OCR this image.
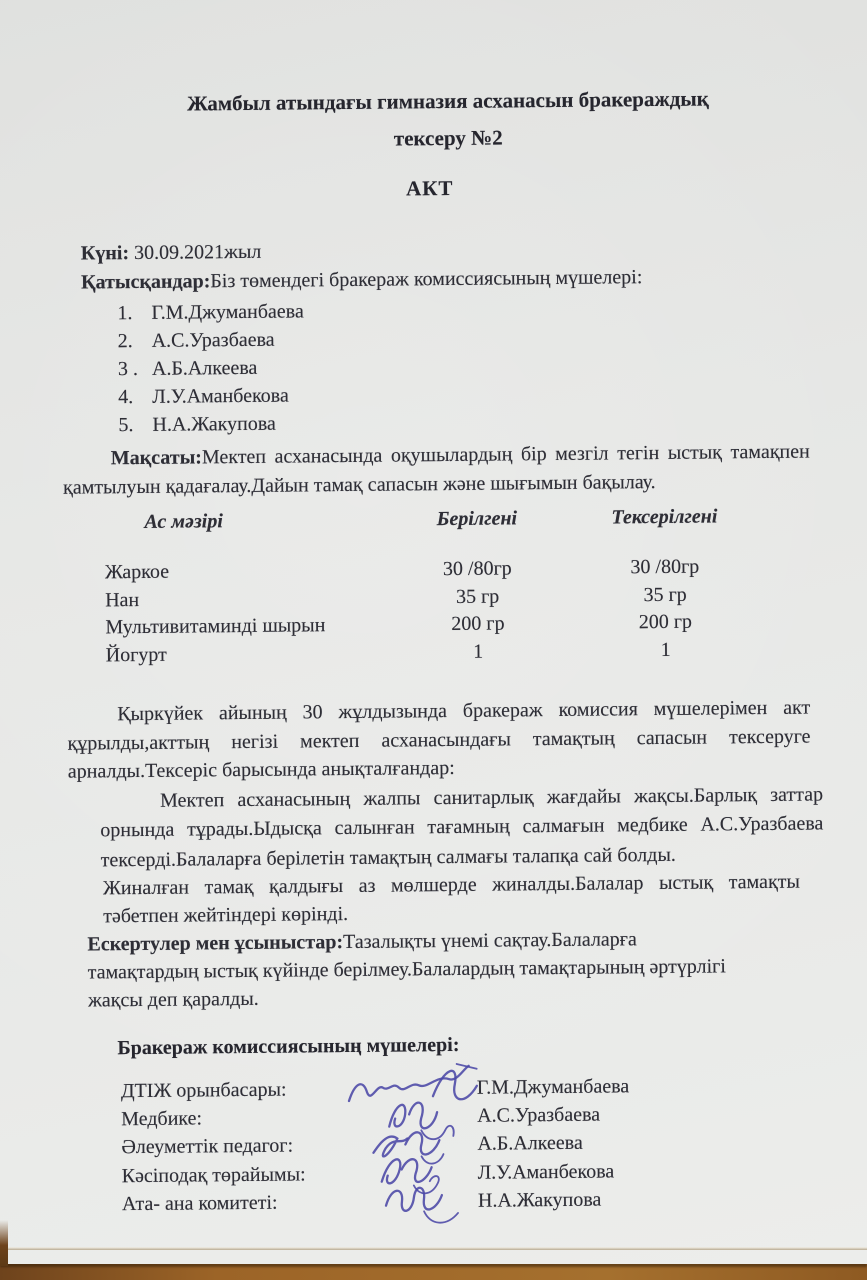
Жамбыл атындағы гимназия асханасын бракераждық
тексеру №2
АКТ
Күні: 30.09.2021жыл
Қатысқандар:Біз төмендегі бракераж комиссиясының мүшелері:
1. Г.М.Джуманбаева
2. А.С.Уразбаева
3 . А.Б.Алкеева
4. Л.У.Аманбекова
5. Н.А.Жакупова

Мақсаты:Мектеп асханасында оқушылардың бір мезгіл тегін ыстық тамақпен қамтылуын қадағалау.Дайын тамақ сапасын және шығымын бақылау.

Ас мәзірі	Берілгені	Тексерілгені
Жаркое	30 /80гр	30 /80гр
Нан	35 гр	35 гр
Мультивитаминді шырын	200 гр	200 гр
Йогурт	1	1

Қыркүйек айының 30 жұлдызында бракераж комиссия мүшелерімен акт құрылды,акттың негізі мектеп асханасындағы тамақтың сапасын тексеруге арналды.Тексеріс барысында анықталғандар:

Мектеп асханасының жалпы санитарлық жағдайы жақсы.Барлық заттар орнында тұрады.Ыдысқа салынған тағамның салмағын медбике А.С.Уразбаева тексерді.Балаларға берілетін тамақтың салмағы талапқа сай болды.

Жиналған тамақ қалдығы аз мөлшерде жиналды.Балалар ыстық тамақты тәбетпен жейтіндері көрінді.

Ескертулер мен ұсыныстар:Тазалықты үнемі сақтау.Балаларға тамақтардың ыстық күйінде берілмеу.Балалардың тамақтарының әртүрлігі жақсы деп қаралды.

Бракераж комиссиясының мүшелері:
ДТІЖ орынбасары:	Г.М.Джуманбаева
Медбике:	А.С.Уразбаева
Әлеуметтік педагог:	А.Б.Алкеева
Кәсіподақ төрайымы:	Л.У.Аманбекова
Ата- ана комитеті:	Н.А.Жакупова
